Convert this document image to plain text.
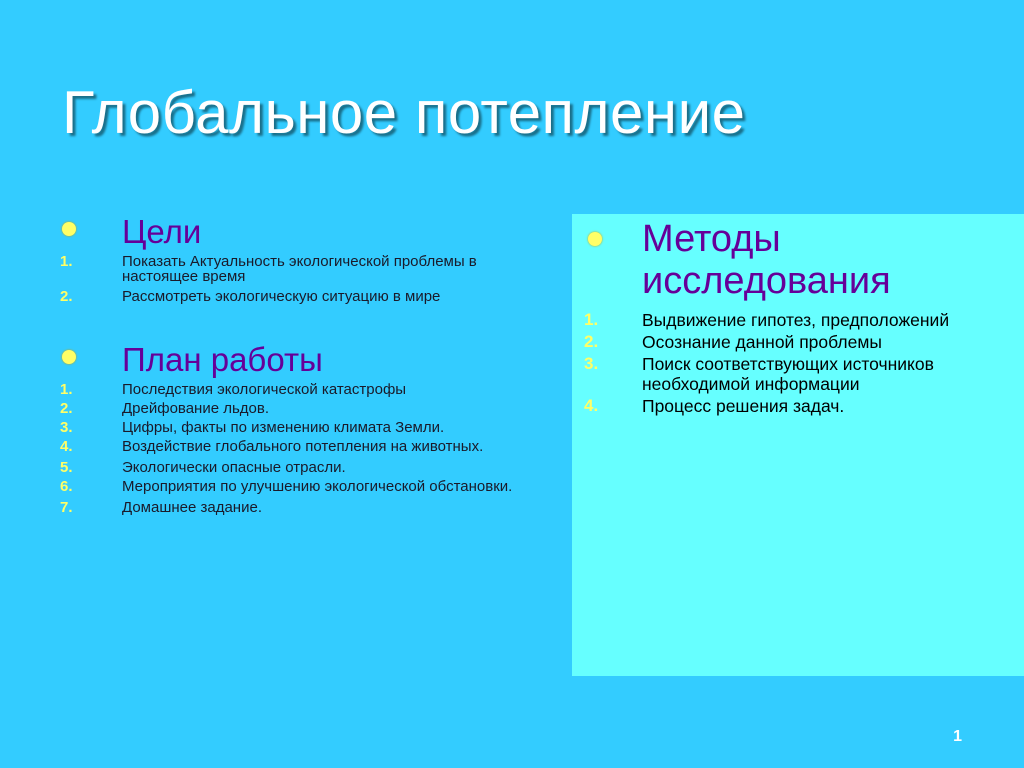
Глобальное потепление
Цели
1.	Показать Актуальность экологической проблемы в настоящее время
2.	Рассмотреть экологическую ситуацию в мире
План работы
1.	Последствия экологической катастрофы
2.	Дрейфование льдов.
3.	Цифры, факты по изменению климата Земли.
4.	Воздействие глобального потепления на животных.
5.	Экологически опасные отрасли.
6.	Мероприятия по улучшению экологической обстановки.
7.	Домашнее задание.
Методы исследования
1.	Выдвижение гипотез, предположений
2.	Осознание данной проблемы
3.	Поиск соответствующих источников необходимой информации
4.	Процесс решения задач.
1
